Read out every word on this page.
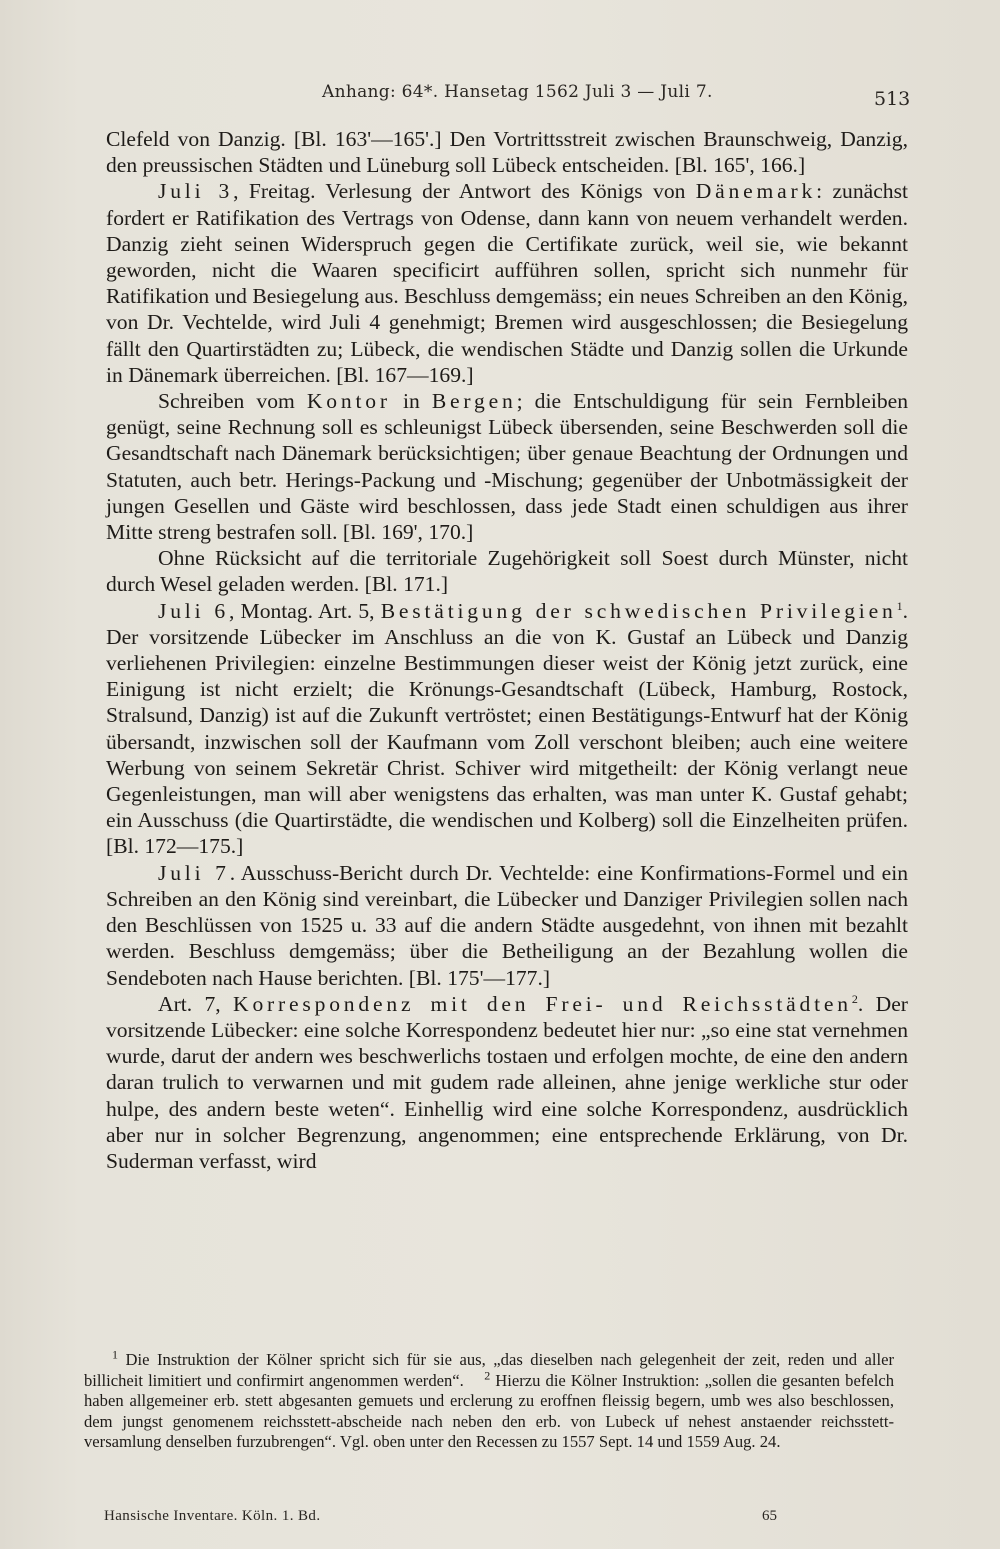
Anhang: 64*. Hansetag 1562 Juli 3 — Juli 7.	513

Clefeld von Danzig. [Bl. 163'—165'.] Den Vortrittsstreit zwischen Braunschweig, Danzig, den preussischen Städten und Lüneburg soll Lübeck entscheiden. [Bl. 165', 166.]

Juli 3, Freitag. Verlesung der Antwort des Königs von Dänemark: zunächst fordert er Ratifikation des Vertrags von Odense, dann kann von neuem verhandelt werden. Danzig zieht seinen Widerspruch gegen die Certifikate zurück, weil sie, wie bekannt geworden, nicht die Waaren specificirt aufführen sollen, spricht sich nunmehr für Ratifikation und Besiegelung aus. Beschluss demgemäss; ein neues Schreiben an den König, von Dr. Vechtelde, wird Juli 4 genehmigt; Bremen wird ausgeschlossen; die Besiegelung fällt den Quartirstädten zu; Lübeck, die wendischen Städte und Danzig sollen die Urkunde in Dänemark überreichen. [Bl. 167—169.]

Schreiben vom Kontor in Bergen; die Entschuldigung für sein Fernbleiben genügt, seine Rechnung soll es schleunigst Lübeck übersenden, seine Beschwerden soll die Gesandtschaft nach Dänemark berücksichtigen; über genaue Beachtung der Ordnungen und Statuten, auch betr. Herings-Packung und -Mischung; gegenüber der Unbotmässigkeit der jungen Gesellen und Gäste wird beschlossen, dass jede Stadt einen schuldigen aus ihrer Mitte streng bestrafen soll. [Bl. 169', 170.]

Ohne Rücksicht auf die territoriale Zugehörigkeit soll Soest durch Münster, nicht durch Wesel geladen werden. [Bl. 171.]

Juli 6, Montag. Art. 5, Bestätigung der schwedischen Privilegien$^1$. Der vorsitzende Lübecker im Anschluss an die von K. Gustaf an Lübeck und Danzig verliehenen Privilegien: einzelne Bestimmungen dieser weist der König jetzt zurück, eine Einigung ist nicht erzielt; die Krönungs-Gesandtschaft (Lübeck, Hamburg, Rostock, Stralsund, Danzig) ist auf die Zukunft vertröstet; einen Bestätigungs-Entwurf hat der König übersandt, inzwischen soll der Kaufmann vom Zoll verschont bleiben; auch eine weitere Werbung von seinem Sekretär Christ. Schiver wird mitgetheilt: der König verlangt neue Gegenleistungen, man will aber wenigstens das erhalten, was man unter K. Gustaf gehabt; ein Ausschuss (die Quartirstädte, die wendischen und Kolberg) soll die Einzelheiten prüfen. [Bl. 172—175.]

Juli 7. Ausschuss-Bericht durch Dr. Vechtelde: eine Konfirmations-Formel und ein Schreiben an den König sind vereinbart, die Lübecker und Danziger Privilegien sollen nach den Beschlüssen von 1525 u. 33 auf die andern Städte ausgedehnt, von ihnen mit bezahlt werden. Beschluss demgemäss; über die Betheiligung an der Bezahlung wollen die Sendeboten nach Hause berichten. [Bl. 175'—177.]

Art. 7, Korrespondenz mit den Frei- und Reichsstädten$^2$. Der vorsitzende Lübecker: eine solche Korrespondenz bedeutet hier nur: „so eine stat vernehmen wurde, darut der andern wes beschwerlichs tostaen und erfolgen mochte, de eine den andern daran trulich to verwarnen und mit gudem rade alleinen, ahne jenige werkliche stur oder hulpe, des andern beste weten“. Einhellig wird eine solche Korrespondenz, ausdrücklich aber nur in solcher Begrenzung, angenommen; eine entsprechende Erklärung, von Dr. Suderman verfasst, wird

$^1$ Die Instruktion der Kölner spricht sich für sie aus, „das dieselben nach gelegenheit der zeit, reden und aller billicheit limitiert und confirmirt angenommen werden“. $^2$ Hierzu die Kölner Instruktion: „sollen die gesanten befelch haben allgemeiner erb. stett abgesanten gemuets und erclerung zu eroffnen fleissig begern, umb wes also beschlossen, dem jungst genomenem reichsstett-abscheide nach neben den erb. von Lubeck uf nehest anstaender reichsstett-versamlung denselben furzubrengen“. Vgl. oben unter den Recessen zu 1557 Sept. 14 und 1559 Aug. 24.

Hansische Inventare. Köln. 1. Bd.	65
